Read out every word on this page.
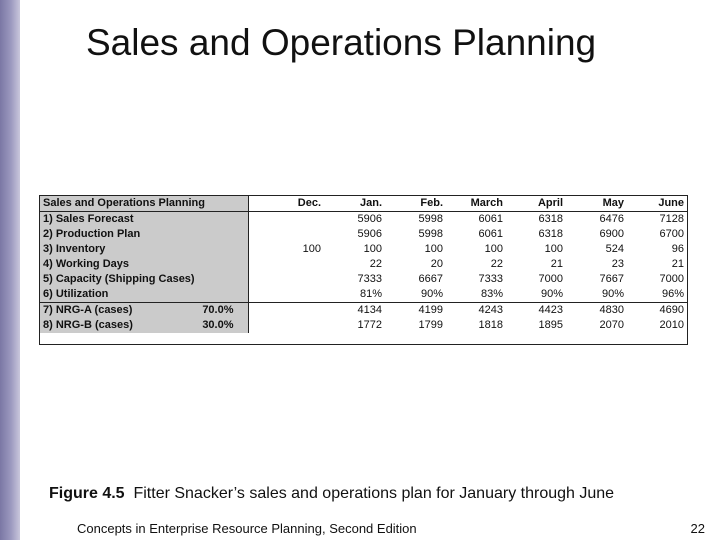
Sales and Operations Planning
Sales and Operations Planning		Dec.	Jan.	Feb.	March	April	May	June
1) Sales Forecast			5906	5998	6061	6318	6476	7128
2) Production Plan			5906	5998	6061	6318	6900	6700
3) Inventory		100	100	100	100	100	524	96
4) Working Days			22	20	22	21	23	21
5) Capacity (Shipping Cases)			7333	6667	7333	7000	7667	7000
6) Utilization			81%	90%	83%	90%	90%	96%
7) NRG-A (cases)	70.0%		4134	4199	4243	4423	4830	4690
8) NRG-B (cases)	30.0%		1772	1799	1818	1895	2070	2010
Figure 4.5 Fitter Snacker’s sales and operations plan for January through June
Concepts in Enterprise Resource Planning, Second Edition	22
